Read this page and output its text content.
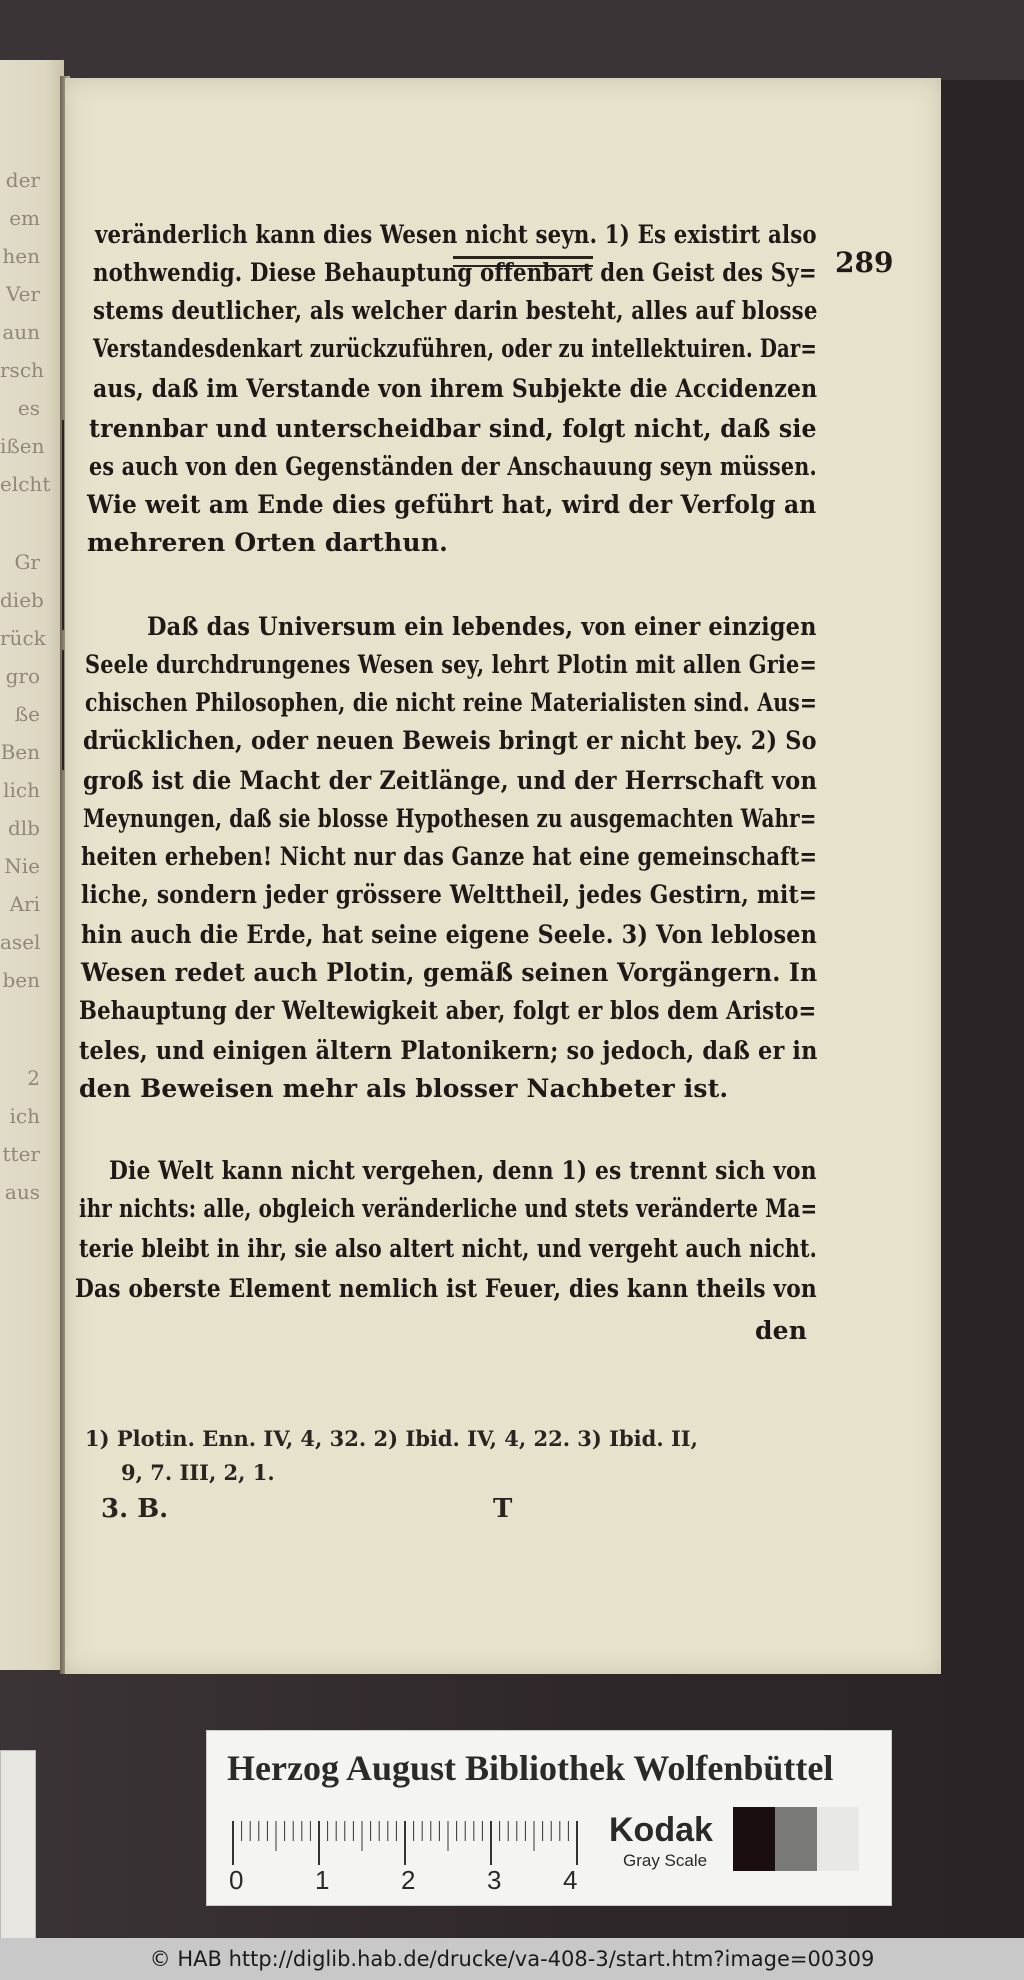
der
em
hen
Ver
aun
rsch
es
ißen
elcht
Gr
dieb
rück
gro
ße
Ben
lich
dlb
Nie
Ari
asel
ben
2
ich
tter
aus
289
veränderlich kann dies Wesen nicht seyn. 1) Es existirt also
nothwendig. Diese Behauptung offenbart den Geist des Sy=
stems deutlicher, als welcher darin besteht, alles auf blosse
Verstandesdenkart zurückzuführen, oder zu intellektuiren. Dar=
aus, daß im Verstande von ihrem Subjekte die Accidenzen
trennbar und unterscheidbar sind, folgt nicht, daß sie
es auch von den Gegenständen der Anschauung seyn müssen.
Wie weit am Ende dies geführt hat, wird der Verfolg an
mehreren Orten darthun.
Daß das Universum ein lebendes, von einer einzigen
Seele durchdrungenes Wesen sey, lehrt Plotin mit allen Grie=
chischen Philosophen, die nicht reine Materialisten sind. Aus=
drücklichen, oder neuen Beweis bringt er nicht bey. 2) So
groß ist die Macht der Zeitlänge, und der Herrschaft von
Meynungen, daß sie blosse Hypothesen zu ausgemachten Wahr=
heiten erheben! Nicht nur das Ganze hat eine gemeinschaft=
liche, sondern jeder grössere Welttheil, jedes Gestirn, mit=
hin auch die Erde, hat seine eigene Seele. 3) Von leblosen
Wesen redet auch Plotin, gemäß seinen Vorgängern. In
Behauptung der Weltewigkeit aber, folgt er blos dem Aristo=
teles, und einigen ältern Platonikern; so jedoch, daß er in
den Beweisen mehr als blosser Nachbeter ist.
Die Welt kann nicht vergehen, denn 1) es trennt sich von
ihr nichts: alle, obgleich veränderliche und stets veränderte Ma=
terie bleibt in ihr, sie also altert nicht, und vergeht auch nicht.
Das oberste Element nemlich ist Feuer, dies kann theils von
den
1) Plotin. Enn. IV, 4, 32. 2) Ibid. IV, 4, 22. 3) Ibid. II,
9, 7. III, 2, 1.
3. B.	T
Herzog August Bibliothek Wolfenbüttel
0	1	2	3 4
Kodak
Gray Scale
© HAB http://diglib.hab.de/drucke/va-408-3/start.htm?image=00309
